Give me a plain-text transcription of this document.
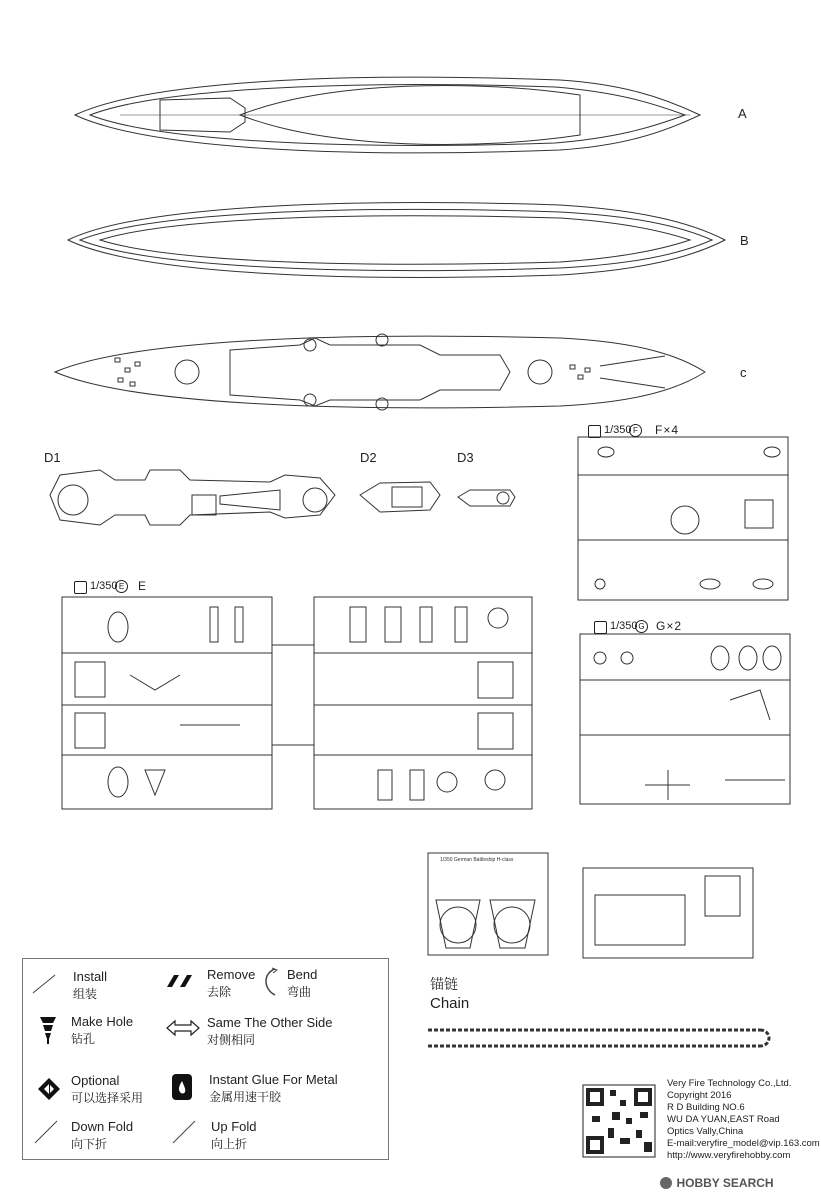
A
B
c
D1	D2	D3
1/350 E	E
1/350 F	F×4
1/350 G G×2
1/350 German Battleship H-class
锚链
Chain
Install
组装
Remove
去除
Bend
弯曲
Make Hole
钻孔
Same The Other Side
对侧相同
Optional
可以选择采用
Instant Glue For Metal
金属用速干胶
Down Fold
向下折
Up Fold
向上折
Very Fire Technology Co.,Ltd.
Copyright 2016
R D Building NO.6
WU DA YUAN,EAST Road
Optics Vally,China
E-mail:veryfire_model@vip.163.com
http://www.veryfirehobby.com
HOBBY SEARCH
